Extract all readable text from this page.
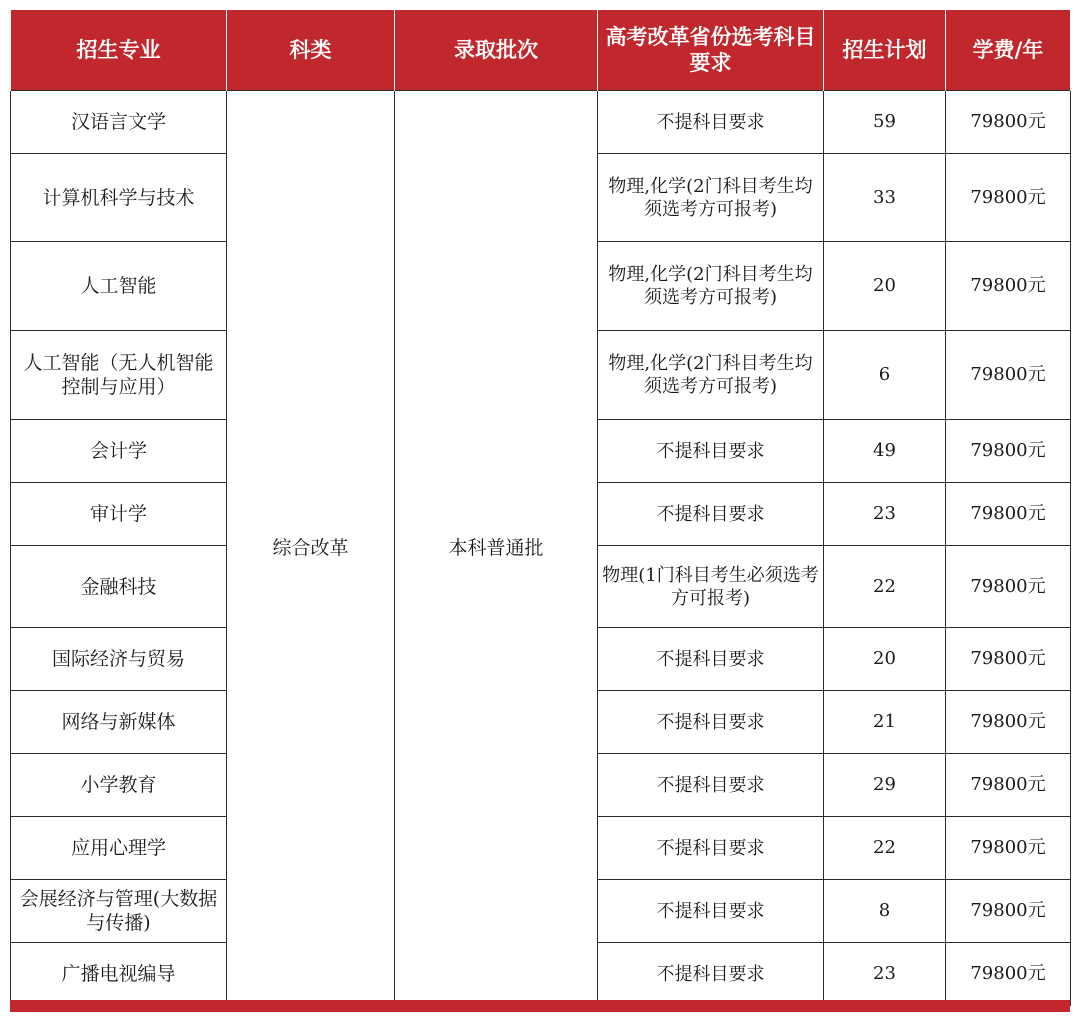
招生专业	科类	录取批次	高考改革省份选考科目要求	招生计划	学费/年
汉语言文学	综合改革	本科普通批	不提科目要求	59	79800元
计算机科学与技术			物理,化学(2门科目考生均须选考方可报考)	33	79800元
人工智能			物理,化学(2门科目考生均须选考方可报考)	20	79800元
人工智能（无人机智能控制与应用）			物理,化学(2门科目考生均须选考方可报考)	6	79800元
会计学			不提科目要求	49	79800元
审计学			不提科目要求	23	79800元
金融科技			物理(1门科目考生必须选考方可报考)	22	79800元
国际经济与贸易			不提科目要求	20	79800元
网络与新媒体			不提科目要求	21	79800元
小学教育			不提科目要求	29	79800元
应用心理学			不提科目要求	22	79800元
会展经济与管理(大数据与传播)			不提科目要求	8	79800元
广播电视编导			不提科目要求	23	79800元
